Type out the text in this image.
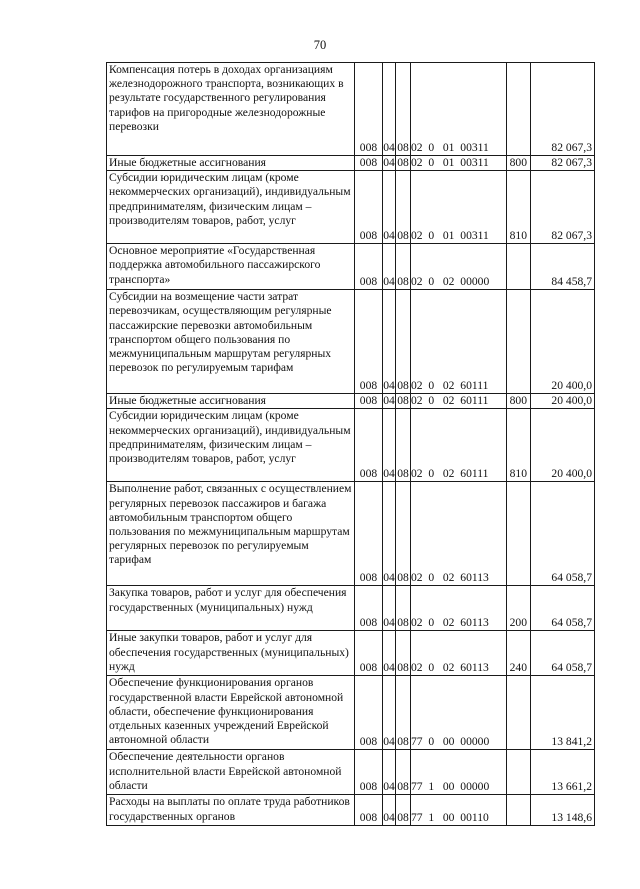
70
Компенсация потерь в доходах организациям железнодорожного транспорта, возникающих в результате государственного регулирования тарифов на пригородные железнодорожные перевозки	008	04	08	02  0   01  00311		82 067,3
Иные бюджетные ассигнования	008	04	08	02  0   01  00311	800	82 067,3
Субсидии юридическим лицам (кроме некоммерческих организаций), индивидуальным предпринимателям, физическим лицам – производителям товаров, работ, услуг	008	04	08	02  0   01  00311	810	82 067,3
Основное мероприятие «Государственная поддержка автомобильного пассажирского транспорта»	008	04	08	02  0   02  00000		84 458,7
Субсидии на возмещение части затрат перевозчикам, осуществляющим регулярные пассажирские перевозки автомобильным транспортом общего пользования по межмуниципальным маршрутам регулярных перевозок по регулируемым тарифам	008	04	08	02  0   02  60111		20 400,0
Иные бюджетные ассигнования	008	04	08	02  0   02  60111	800	20 400,0
Субсидии юридическим лицам (кроме некоммерческих организаций), индивидуальным предпринимателям, физическим лицам – производителям товаров, работ, услуг	008	04	08	02  0   02  60111	810	20 400,0
Выполнение работ, связанных с осуществлением регулярных перевозок пассажиров и багажа автомобильным транспортом общего пользования по межмуниципальным маршрутам регулярных перевозок по регулируемым тарифам	008	04	08	02  0   02  60113		64 058,7
Закупка товаров, работ и услуг для обеспечения государственных (муниципальных) нужд	008	04	08	02  0   02  60113	200	64 058,7
Иные закупки товаров, работ и услуг для обеспечения государственных (муниципальных) нужд	008	04	08	02  0   02  60113	240	64 058,7
Обеспечение функционирования органов государственной власти Еврейской автономной области, обеспечение функционирования отдельных казенных учреждений Еврейской автономной области	008	04	08	77  0   00  00000		13 841,2
Обеспечение деятельности органов исполнительной власти Еврейской автономной области	008	04	08	77  1   00  00000		13 661,2
Расходы на выплаты по оплате труда работников государственных органов	008	04	08	77  1   00  00110		13 148,6
